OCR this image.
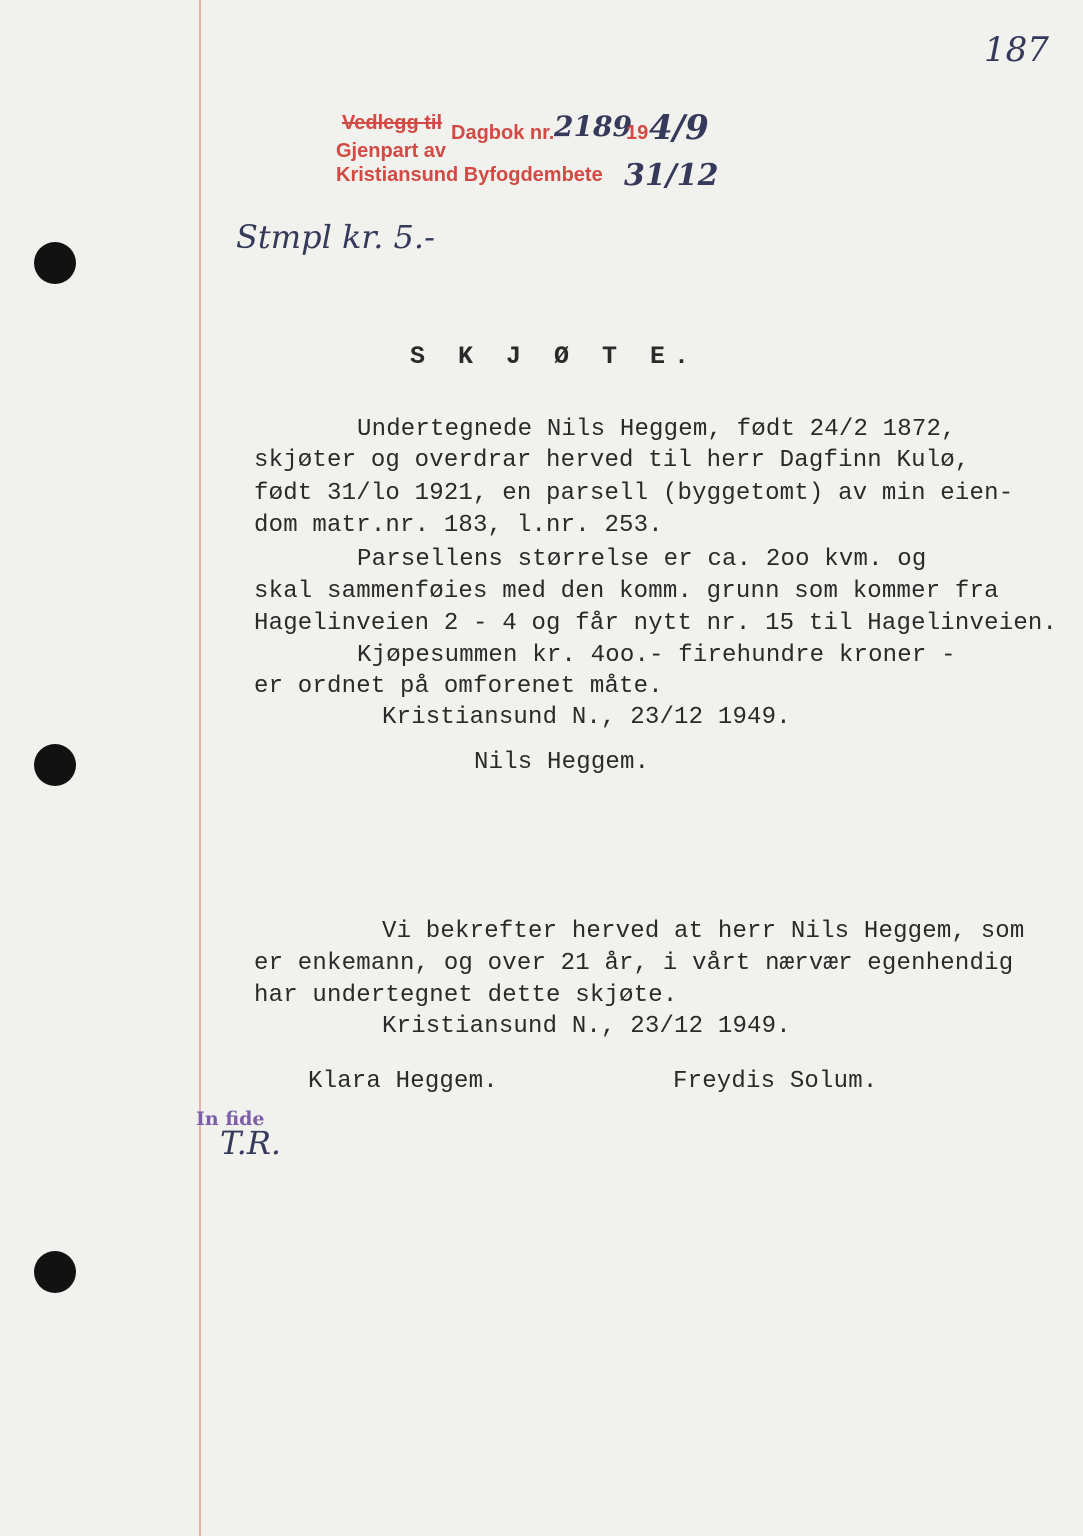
187
Vedlegg til Dagbok nr. 2189
19 4/9
Gjenpart av
Kristiansund Byfogdembete 31/12
Stmpl kr. 5.-
S K J Ø T E.
Undertegnede Nils Heggem, født 24/2 1872,
skjøter og overdrar herved til herr Dagfinn Kulø,
født 31/lo 1921, en parsell (byggetomt) av min eien-
dom matr.nr. 183, l.nr. 253.
Parsellens størrelse er ca. 2oo kvm. og
skal sammenføies med den komm. grunn som kommer fra
Hagelinveien 2 - 4 og får nytt nr. 15 til Hagelinveien.
Kjøpesummen kr. 4oo.- firehundre kroner -
er ordnet på omforenet måte.
Kristiansund N., 23/12 1949.
Nils Heggem.
Vi bekrefter herved at herr Nils Heggem, som
er enkemann, og over 21 år, i vårt nærvær egenhendig
har undertegnet dette skjøte.
Kristiansund N., 23/12 1949.
Klara Heggem.	Freydis Solum.
In fide
T.R.
